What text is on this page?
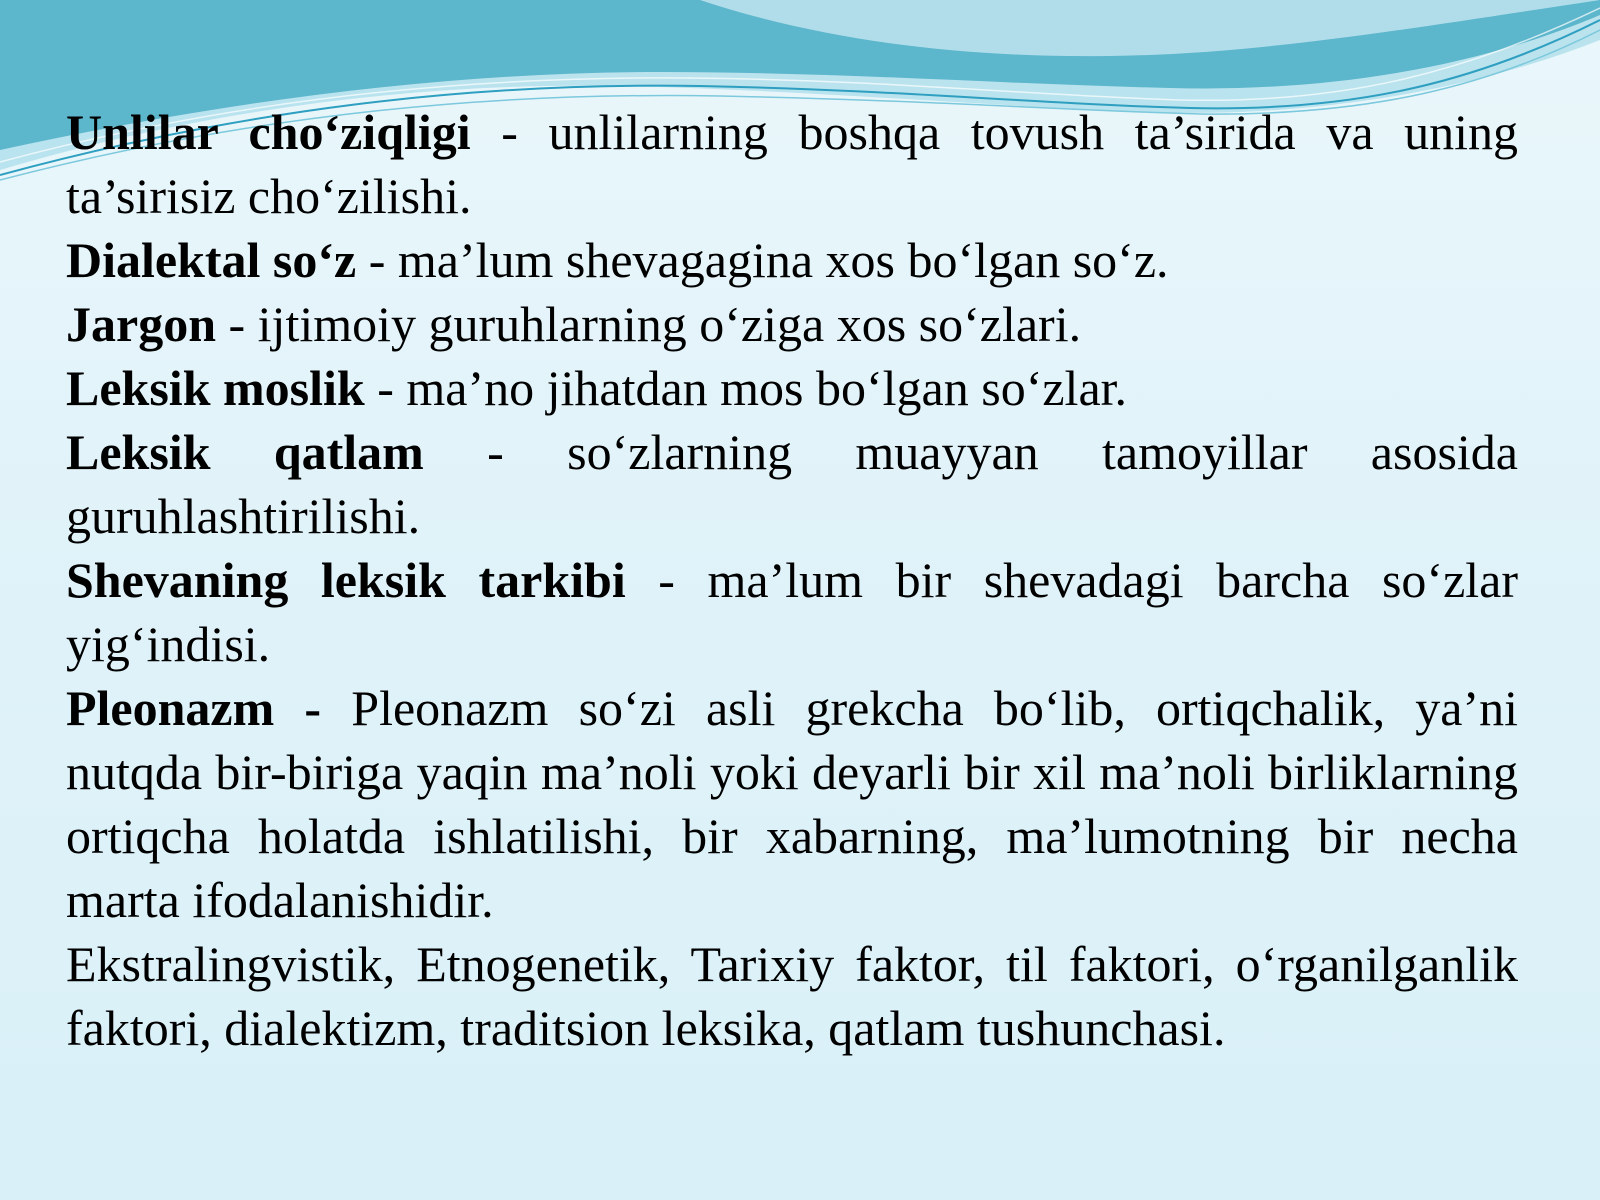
Unlilar cho‘ziqligi - unlilarning boshqa tovush ta’sirida va uning ta’sirisiz cho‘zilishi.

Dialektal so‘z - ma’lum shevagagina xos bo‘lgan so‘z.

Jargon - ijtimoiy guruhlarning o‘ziga xos so‘zlari.

Leksik moslik - ma’no jihatdan mos bo‘lgan so‘zlar.

Leksik qatlam - so‘zlarning muayyan tamoyillar asosida guruhlashtirilishi.

Shevaning leksik tarkibi - ma’lum bir shevadagi barcha so‘zlar yig‘indisi.

Pleonazm - Pleonazm so‘zi asli grekcha bo‘lib, ortiqchalik, ya’ni nutqda bir-biriga yaqin ma’noli yoki deyarli bir xil ma’noli birliklarning ortiqcha holatda ishlatilishi, bir xabarning, ma’lumotning bir necha marta ifodalanishidir.

Ekstralingvistik, Etnogenetik, Tarixiy faktor, til faktori, o‘rganilganlik faktori, dialektizm, traditsion leksika, qatlam tushunchasi.
